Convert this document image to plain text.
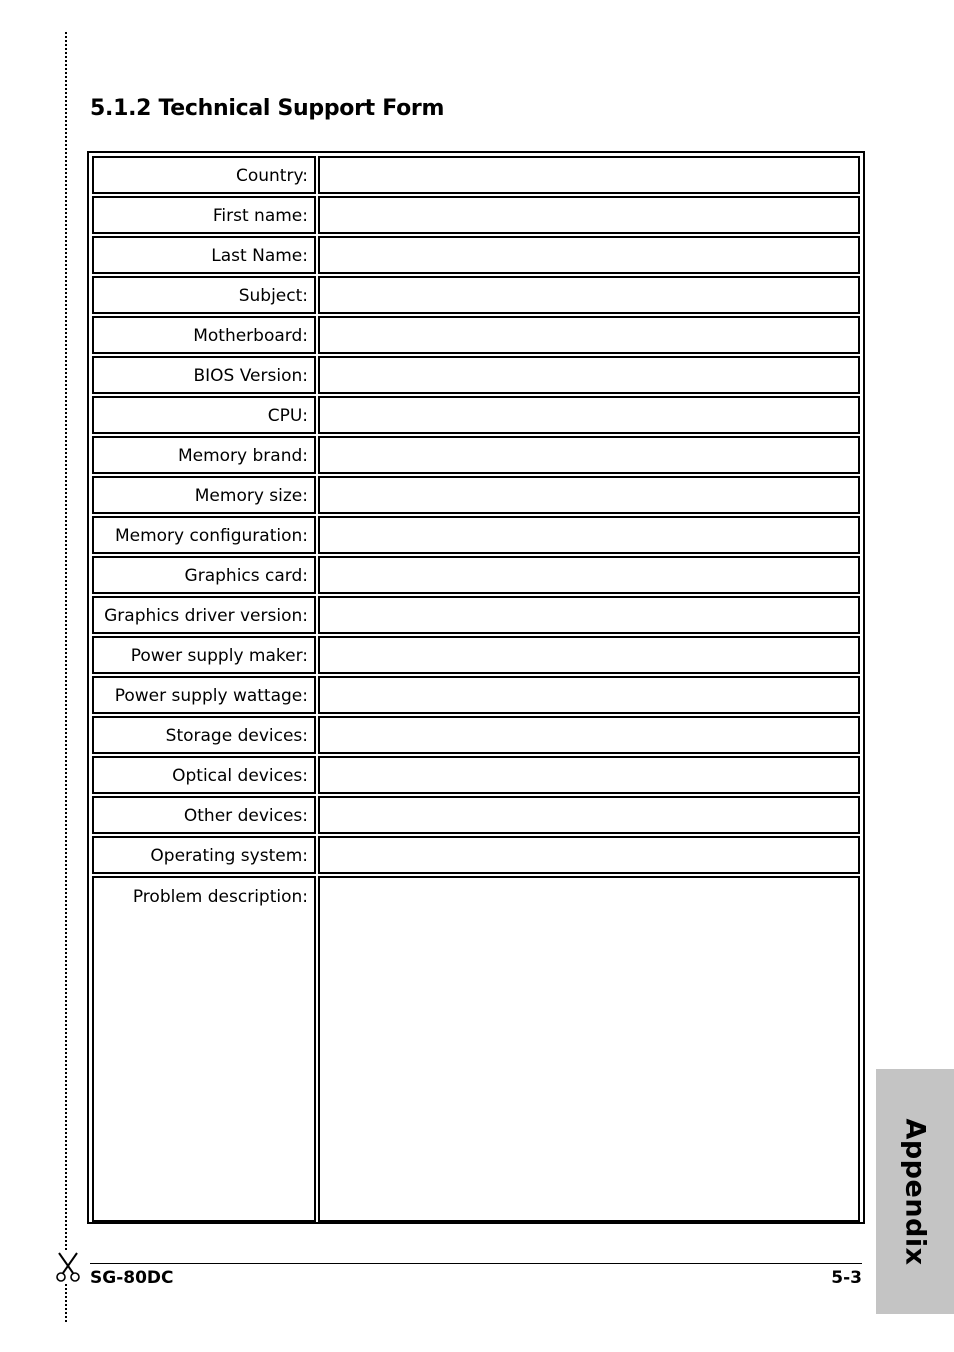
5.1.2 Technical Support Form
Country:	
First name:	
Last Name:	
Subject:	
Motherboard:	
BIOS Version:	
CPU:	
Memory brand:	
Memory size:	
Memory configuration:	
Graphics card:	
Graphics driver version:	
Power supply maker:	
Power supply wattage:	
Storage devices:	
Optical devices:	
Other devices:	
Operating system:	
Problem description:	
SG-80DC	5-3
Appendix
